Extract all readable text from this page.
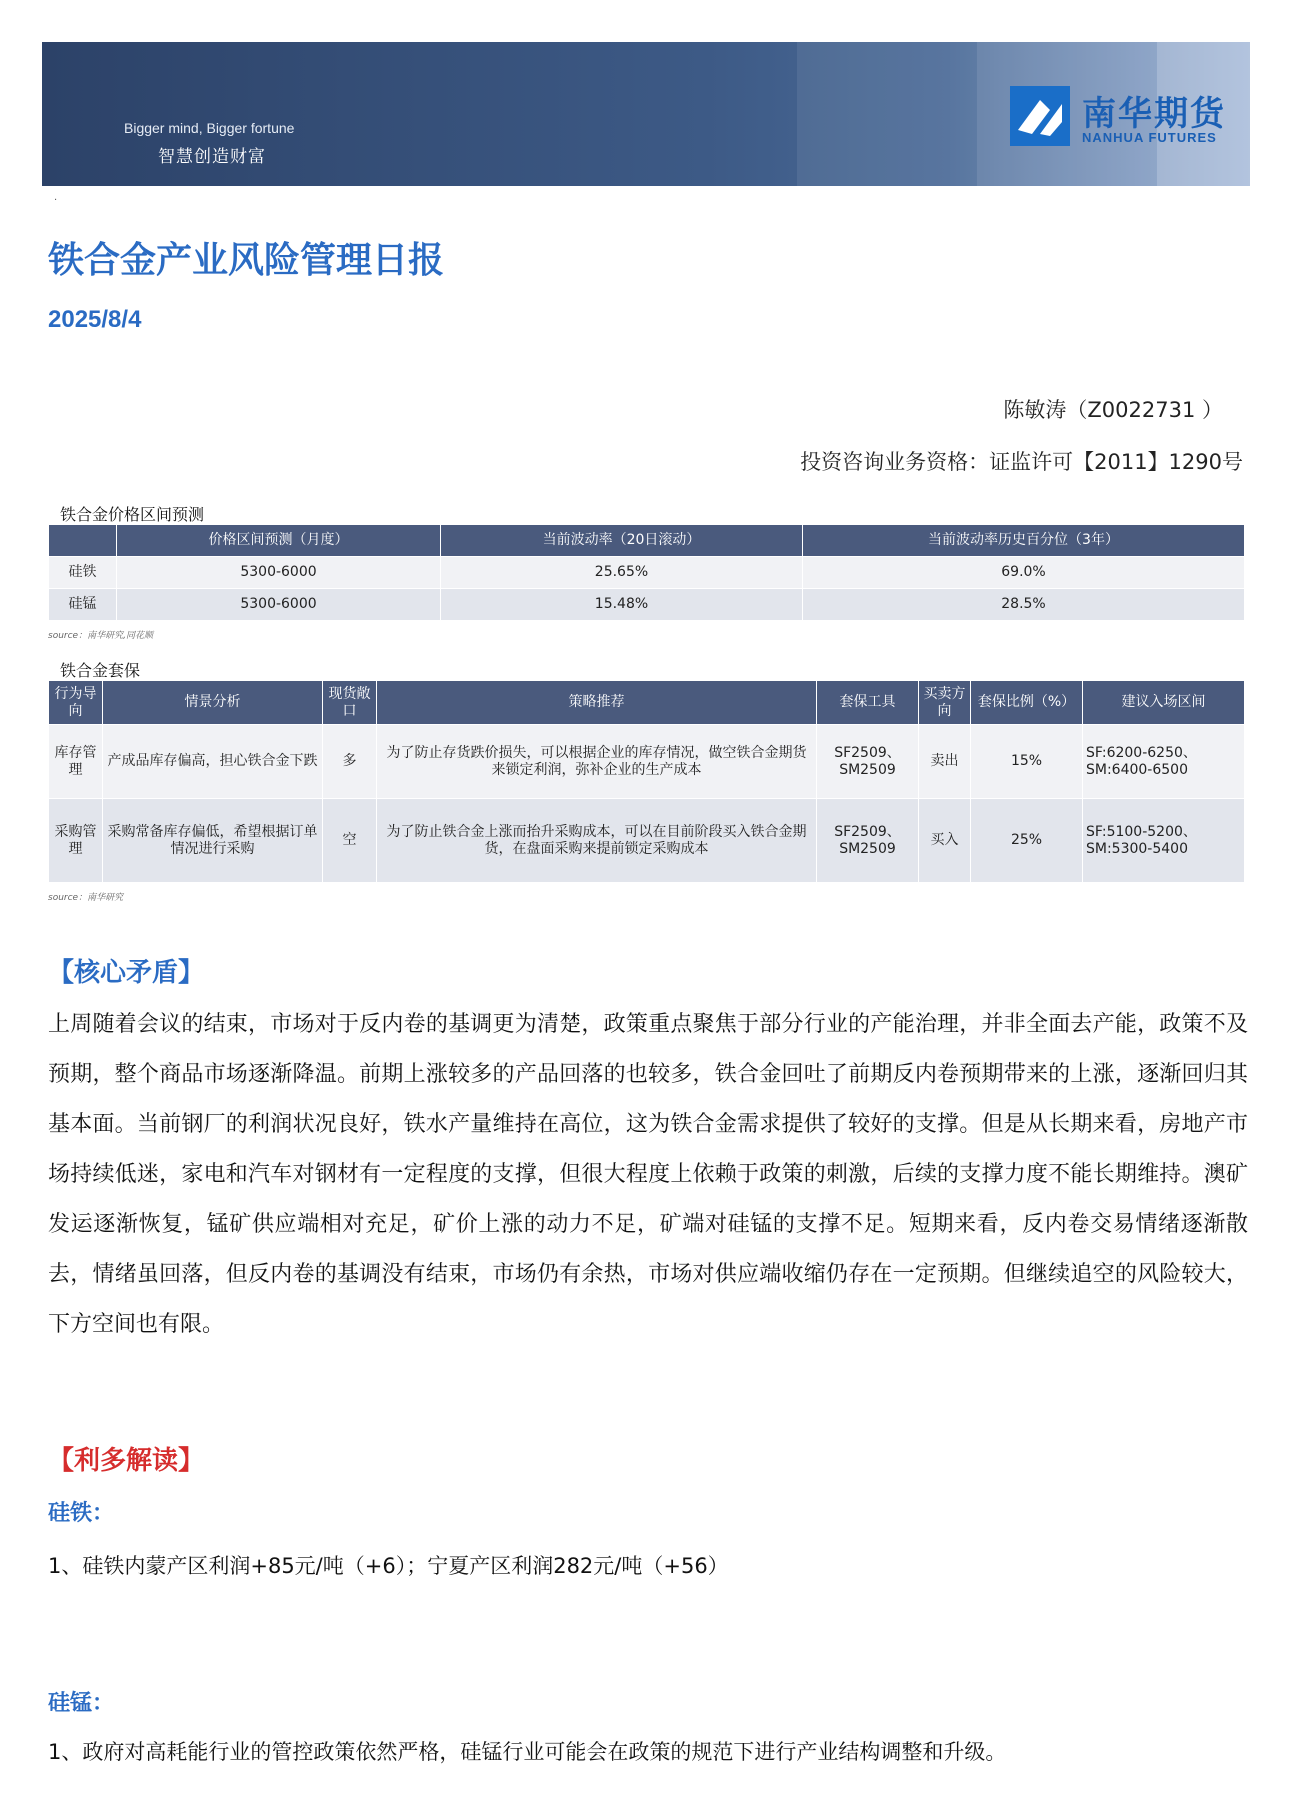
Bigger mind, Bigger fortune
智慧创造财富
南华期货
NANHUA FUTURES
.
铁合金产业风险管理日报
2025/8/4
陈敏涛（Z0022731 ）
投资咨询业务资格：证监许可【2011】1290号
铁合金价格区间预测
	价格区间预测（月度）	当前波动率（20日滚动）	当前波动率历史百分位（3年）
硅铁	5300-6000	25.65%	69.0%
硅锰	5300-6000	15.48%	28.5%
source：南华研究,同花顺
铁合金套保
行为导向	情景分析	现货敞口	策略推荐	套保工具	买卖方向	套保比例（%）	建议入场区间
库存管理	产成品库存偏高，担心铁合金下跌	多	为了防止存货跌价损失，可以根据企业的库存情况，做空铁合金期货来锁定利润，弥补企业的生产成本	SF2509、SM2509	卖出	15%	SF:6200-6250、SM:6400-6500
采购管理	采购常备库存偏低，希望根据订单情况进行采购	空	为了防止铁合金上涨而抬升采购成本，可以在目前阶段买入铁合金期货，在盘面采购来提前锁定采购成本	SF2509、SM2509	买入	25%	SF:5100-5200、SM:5300-5400
source：南华研究
【核心矛盾】
上周随着会议的结束，市场对于反内卷的基调更为清楚，政策重点聚焦于部分行业的产能治理，并非全面去产能，政策不及预期，整个商品市场逐渐降温。前期上涨较多的产品回落的也较多，铁合金回吐了前期反内卷预期带来的上涨，逐渐回归其基本面。当前钢厂的利润状况良好，铁水产量维持在高位，这为铁合金需求提供了较好的支撑。但是从长期来看，房地产市场持续低迷，家电和汽车对钢材有一定程度的支撑，但很大程度上依赖于政策的刺激，后续的支撑力度不能长期维持。澳矿发运逐渐恢复，锰矿供应端相对充足，矿价上涨的动力不足，矿端对硅锰的支撑不足。短期来看，反内卷交易情绪逐渐散去，情绪虽回落，但反内卷的基调没有结束，市场仍有余热，市场对供应端收缩仍存在一定预期。但继续追空的风险较大，下方空间也有限。
【利多解读】
硅铁：
1、硅铁内蒙产区利润+85元/吨（+6）；宁夏产区利润282元/吨（+56）
硅锰：
1、政府对高耗能行业的管控政策依然严格，硅锰行业可能会在政策的规范下进行产业结构调整和升级。
